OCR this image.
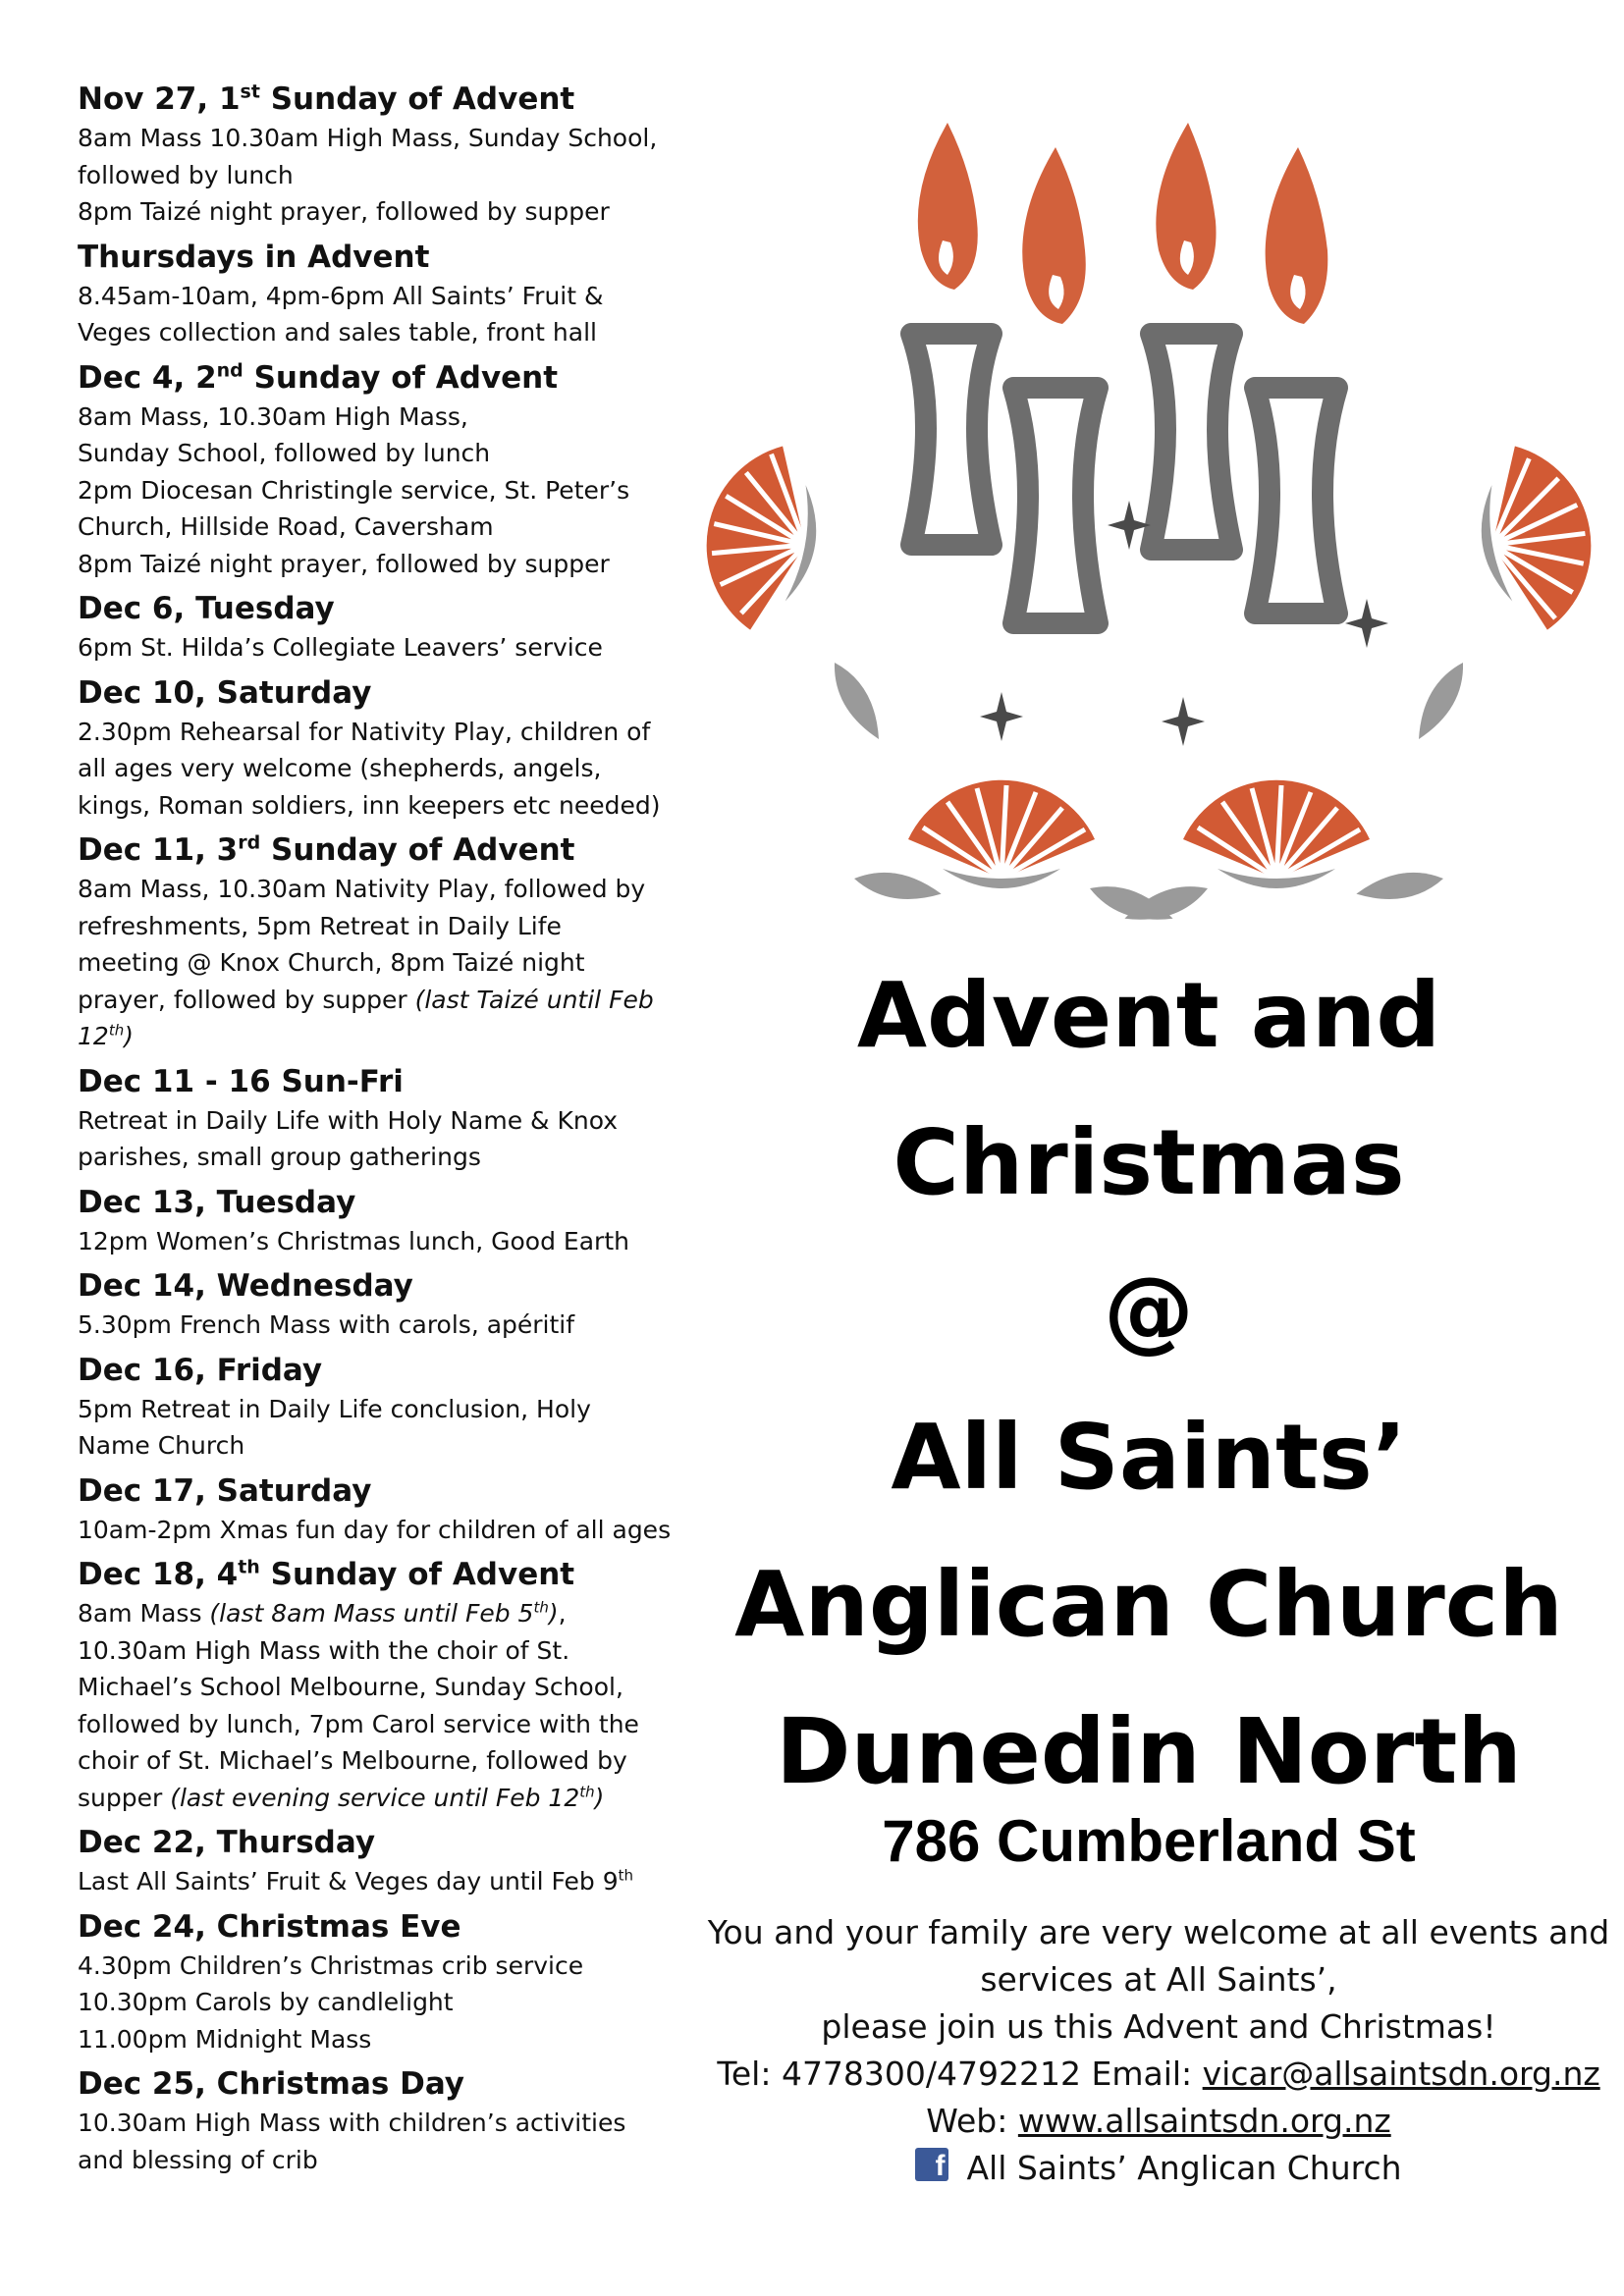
Nov 27, 1st Sunday of Advent
8am Mass 10.30am High Mass, Sunday School,
followed by lunch
8pm Taizé night prayer, followed by supper
Thursdays in Advent
8.45am-10am, 4pm-6pm All Saints’ Fruit &
Veges collection and sales table, front hall
Dec 4, 2nd Sunday of Advent
8am Mass, 10.30am High Mass,
Sunday School, followed by lunch
2pm Diocesan Christingle service, St. Peter’s
Church, Hillside Road, Caversham
8pm Taizé night prayer, followed by supper
Dec 6, Tuesday
6pm St. Hilda’s Collegiate Leavers’ service
Dec 10, Saturday
2.30pm Rehearsal for Nativity Play, children of
all ages very welcome (shepherds, angels,
kings, Roman soldiers, inn keepers etc needed)
Dec 11, 3rd Sunday of Advent
8am Mass, 10.30am Nativity Play, followed by
refreshments, 5pm Retreat in Daily Life
meeting @ Knox Church, 8pm Taizé night
prayer, followed by supper (last Taizé until Feb
12th)
Dec 11 - 16 Sun-Fri
Retreat in Daily Life with Holy Name & Knox
parishes, small group gatherings
Dec 13, Tuesday
12pm Women’s Christmas lunch, Good Earth
Dec 14, Wednesday
5.30pm French Mass with carols, apéritif
Dec 16, Friday
5pm Retreat in Daily Life conclusion, Holy
Name Church
Dec 17, Saturday
10am-2pm Xmas fun day for children of all ages
Dec 18, 4th Sunday of Advent
8am Mass (last 8am Mass until Feb 5th),
10.30am High Mass with the choir of St.
Michael’s School Melbourne, Sunday School,
followed by lunch, 7pm Carol service with the
choir of St. Michael’s Melbourne, followed by
supper (last evening service until Feb 12th)
Dec 22, Thursday
Last All Saints’ Fruit & Veges day until Feb 9th
Dec 24, Christmas Eve
4.30pm Children’s Christmas crib service
10.30pm Carols by candlelight
11.00pm Midnight Mass
Dec 25, Christmas Day
10.30am High Mass with children’s activities
and blessing of crib
Advent and
Christmas
@
All Saints’
Anglican Church
Dunedin North
786 Cumberland St
You and your family are very welcome at all events and
services at All Saints’,
please join us this Advent and Christmas!
Tel: 4778300/4792212 Email: vicar@allsaintsdn.org.nz
Web: www.allsaintsdn.org.nz
f All Saints’ Anglican Church
